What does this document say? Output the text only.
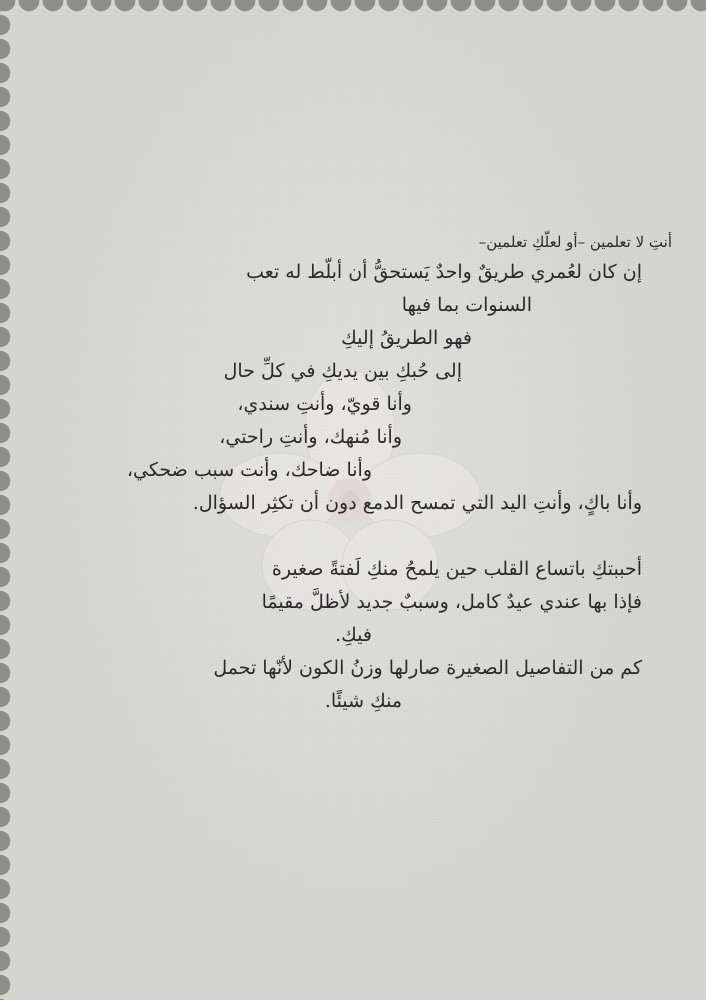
أنتِ لا تعلمين –أو لعلّكِ تعلمين–

إن كان لعُمري طريقٌ واحدٌ يَستحقُّ أن أبلّط له تعب

السنوات بما فيها

فهو الطريقُ إليكِ

إلى حُبكِ بين يديكِ في كلِّ حال

وأنا قويّ، وأنتِ سندي،

وأنا مُنهك، وأنتِ راحتي،

وأنا ضاحك، وأنت سبب ضحكي،

وأنا باكٍ، وأنتِ اليد التي تمسح الدمع دون أن تكثِر السؤال.

أحببتكِ باتساع القلب حين يلمحُ منكِ لَفتةً صغيرة

فإذا بها عندي عيدٌ كامل، وسببٌ جديد لأظلَّ مقيمًا

فيكِ.

كم من التفاصيل الصغيرة صارلها وزنُ الكون لأنّها تحمل

منكِ شيئًا.
